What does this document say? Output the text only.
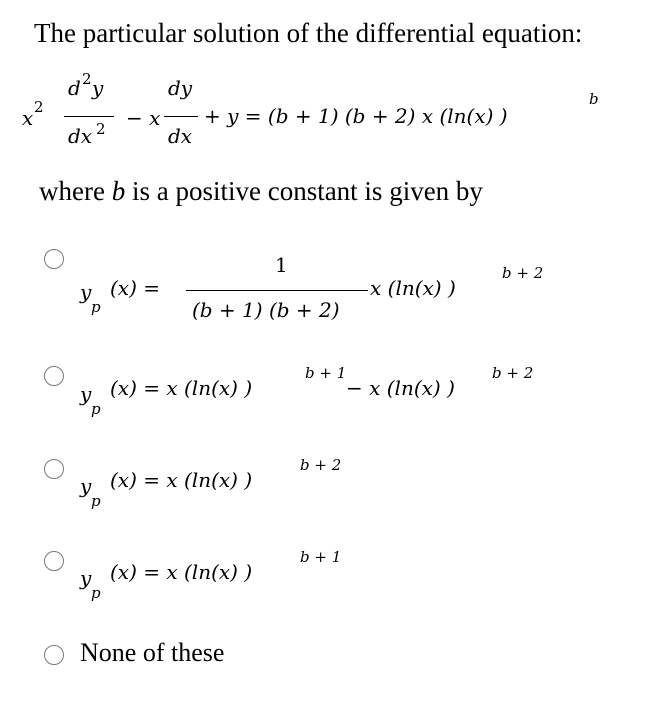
The particular solution of the differential equation:
x 2
d 2 y
dx 2 − x
dy
dx
+ y = (b + 1) (b + 2) x (ln(x) )
b
where b is a positive constant is given by
y
p
(x) =
1
(b + 1) (b + 2)
x (ln(x) )
b + 2
y
p
(x) = x (ln(x) )
b + 1
− x (ln(x) )
b + 2
y
p
(x) = x (ln(x) )
b + 2
y
p
(x) = x (ln(x) )
b + 1
None of these
